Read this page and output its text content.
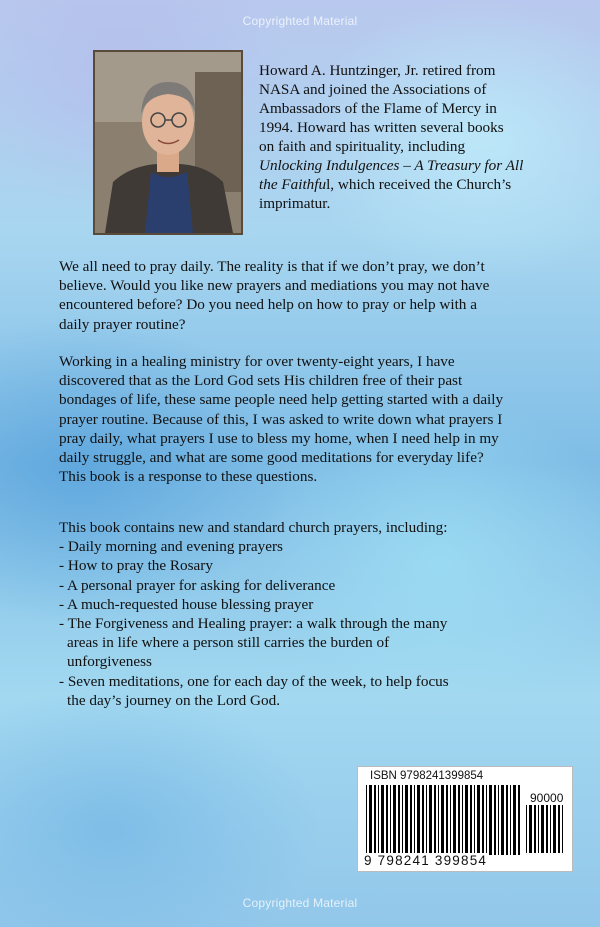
Copyrighted Material
Howard A. Huntzinger, Jr. retired from
NASA and joined the Associations of
Ambassadors of the Flame of Mercy in
1994. Howard has written several books
on faith and spirituality, including
Unlocking Indulgences – A Treasury for All
the Faithful, which received the Church’s
imprimatur.
We all need to pray daily. The reality is that if we don’t pray, we don’t
believe. Would you like new prayers and mediations you may not have
encountered before? Do you need help on how to pray or help with a
daily prayer routine?
Working in a healing ministry for over twenty-eight years, I have
discovered that as the Lord God sets His children free of their past
bondages of life, these same people need help getting started with a daily
prayer routine. Because of this, I was asked to write down what prayers I
pray daily, what prayers I use to bless my home, when I need help in my
daily struggle, and what are some good meditations for everyday life?
This book is a response to these questions.
This book contains new and standard church prayers, including:
- Daily morning and evening prayers
- How to pray the Rosary
- A personal prayer for asking for deliverance
- A much-requested house blessing prayer
- The Forgiveness and Healing prayer: a walk through the many
areas in life where a person still carries the burden of
unforgiveness
- Seven meditations, one for each day of the week, to help focus
the day’s journey on the Lord God.
ISBN 9798241399854
90000
9 798241 399854
Copyrighted Material
